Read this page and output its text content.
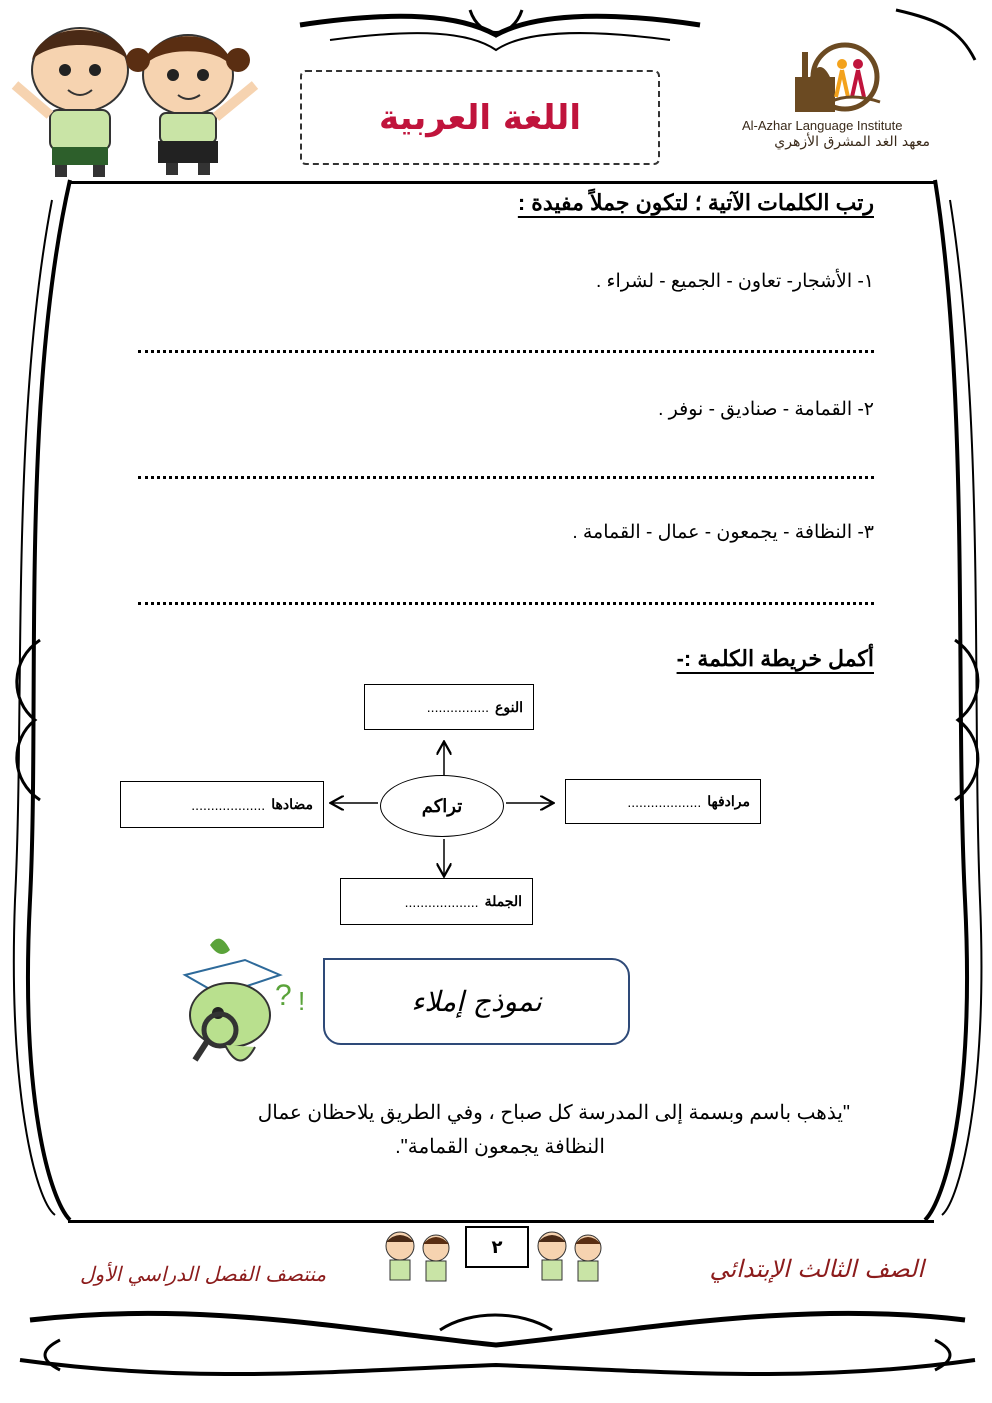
اللغة العربية	Al-Azhar Language Institute
معهد الغد المشرق الأزهري
رتب الكلمات الآتية ؛ لتكون جملاً مفيدة :
١- الأشجار- تعاون - الجميع - لشراء .
٢- القمامة - صناديق - نوفر .
٣- النظافة - يجمعون - عمال - القمامة .
أكمل خريطة الكلمة :-
النوع
................
مرادفها
...................
مضادها
...................
الجملة
...................
تراكم
? !	نموذج إملاء
"يذهب باسم وبسمة إلى المدرسة كل صباح ، وفي الطريق يلاحظان عمال
النظافة يجمعون القمامة".
٢
الصف الثالث الإبتدائي
منتصف الفصل الدراسي الأول
